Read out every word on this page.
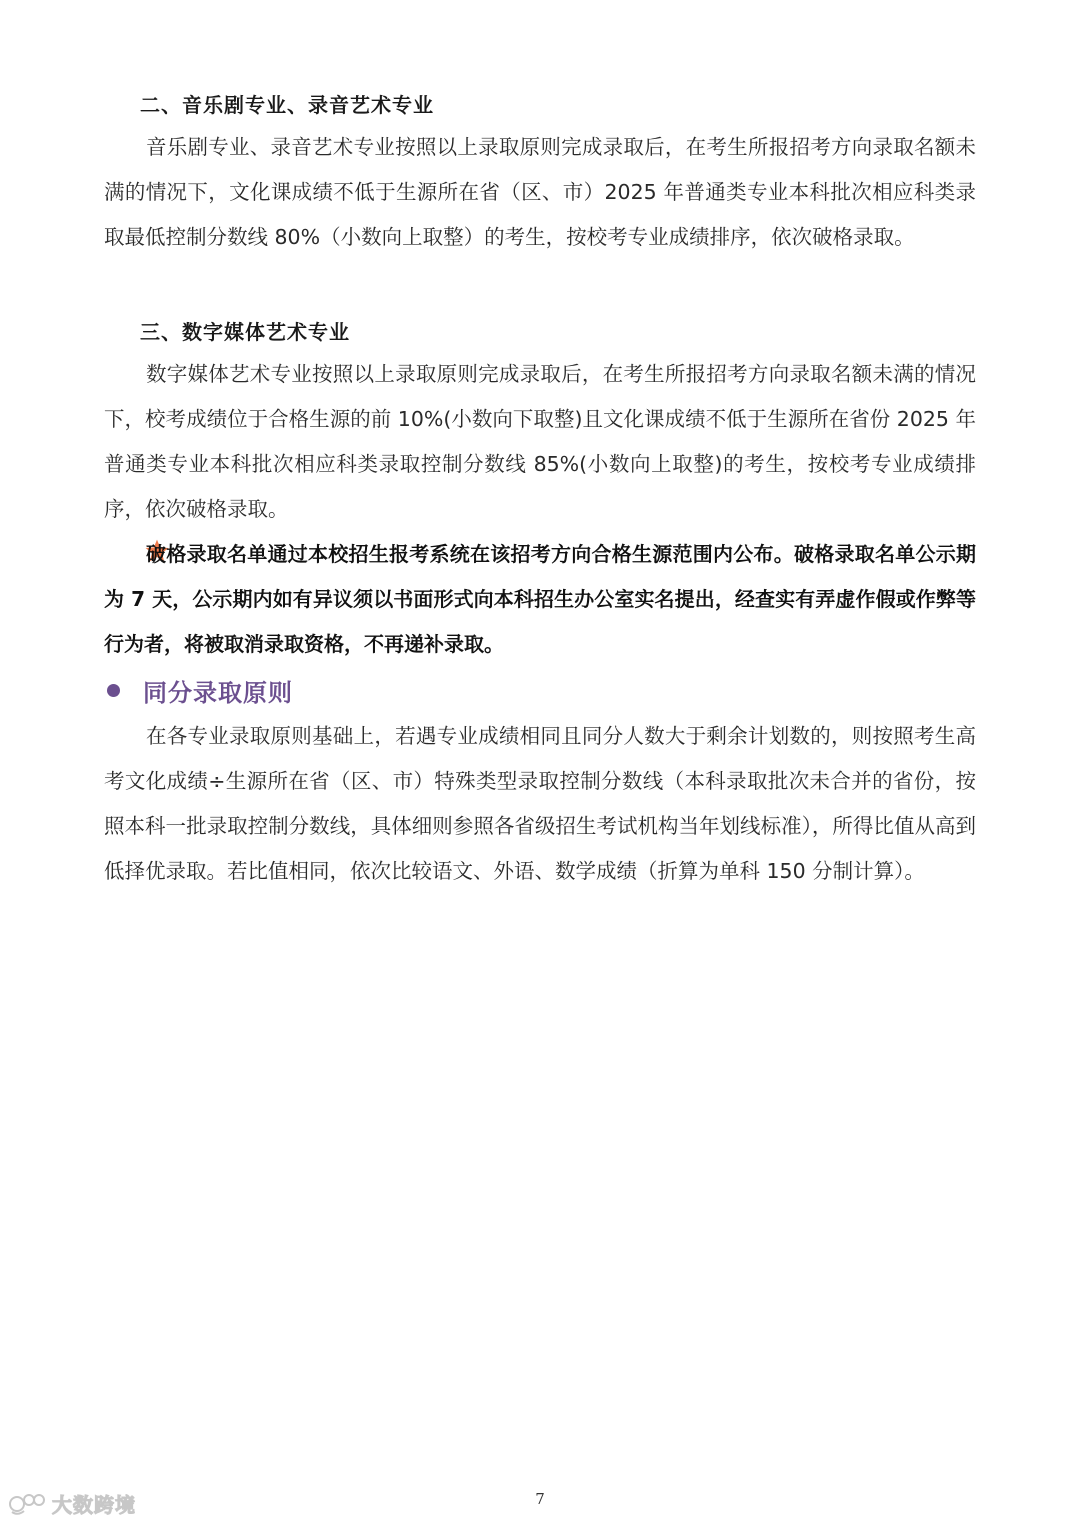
二、音乐剧专业、录音艺术专业
音乐剧专业、录音艺术专业按照以上录取原则完成录取后，在考生所报招考方向录取名额未满的情况下，文化课成绩不低于生源所在省（区、市）2025 年普通类专业本科批次相应科类录取最低控制分数线 80%（小数向上取整）的考生，按校考专业成绩排序，依次破格录取。
三、数字媒体艺术专业
数字媒体艺术专业按照以上录取原则完成录取后，在考生所报招考方向录取名额未满的情况下，校考成绩位于合格生源的前 10%(小数向下取整)且文化课成绩不低于生源所在省份 2025 年普通类专业本科批次相应科类录取控制分数线 85%(小数向上取整)的考生，按校考专业成绩排序，依次破格录取。
破格录取名单通过本校招生报考系统在该招考方向合格生源范围内公布。破格录取名单公示期为 7 天，公示期内如有异议须以书面形式向本科招生办公室实名提出，经查实有弄虚作假或作弊等行为者，将被取消录取资格，不再递补录取。
同分录取原则
在各专业录取原则基础上，若遇专业成绩相同且同分人数大于剩余计划数的，则按照考生高考文化成绩÷生源所在省（区、市）特殊类型录取控制分数线（本科录取批次未合并的省份，按照本科一批录取控制分数线，具体细则参照各省级招生考试机构当年划线标准），所得比值从高到低择优录取。若比值相同，依次比较语文、外语、数学成绩（折算为单科 150 分制计算）。
7
大数跨境
